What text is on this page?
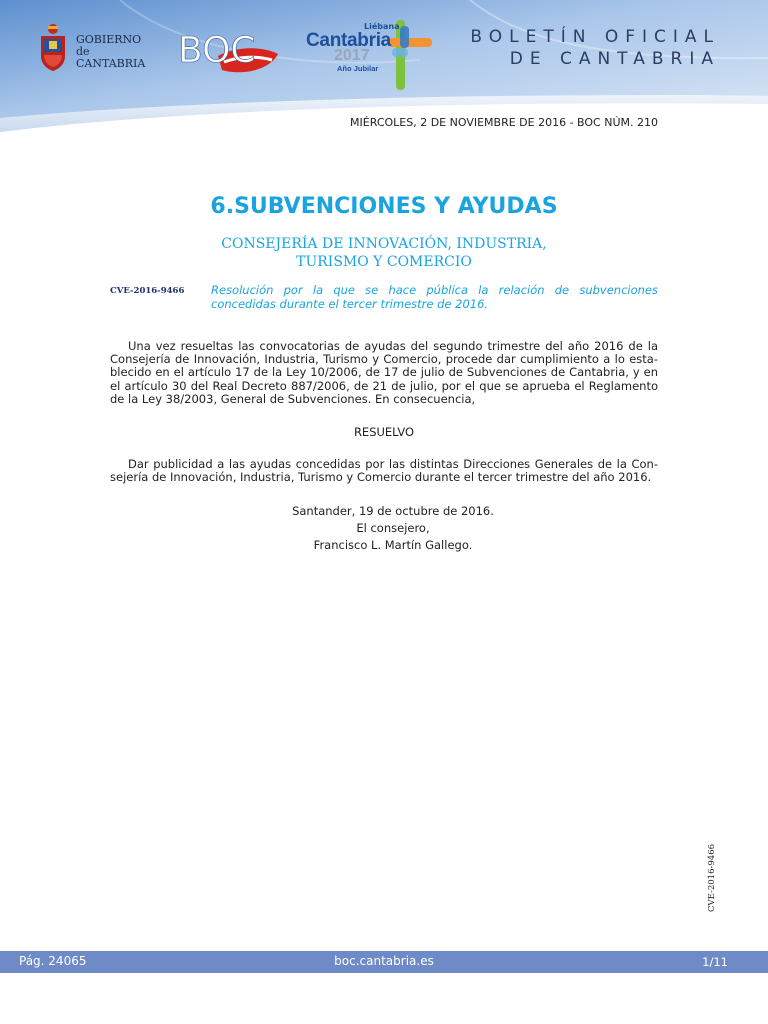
GOBIERNO
de
CANTABRIA BOC
Liébana
Cantabria
2017
Año Jubilar
BOLETÍN OFICIAL
DE CANTABRIA
MIÉRCOLES, 2 DE NOVIEMBRE DE 2016 - BOC NÚM. 210
6.SUBVENCIONES Y AYUDAS
CONSEJERÍA DE INNOVACIÓN, INDUSTRIA,
TURISMO Y COMERCIO
CVE-2016-9466 Resolución por la que se hace pública la relación de subvenciones concedidas durante el tercer trimestre de 2016.
Una vez resueltas las convocatorias de ayudas del segundo trimestre del año 2016 de la
Consejería de Innovación, Industria, Turismo y Comercio, procede dar cumplimiento a lo esta-
blecido en el artículo 17 de la Ley 10/2006, de 17 de julio de Subvenciones de Cantabria, y en
el artículo 30 del Real Decreto 887/2006, de 21 de julio, por el que se aprueba el Reglamento
de la Ley 38/2003, General de Subvenciones. En consecuencia,
RESUELVO
Dar publicidad a las ayudas concedidas por las distintas Direcciones Generales de la Con-
sejería de Innovación, Industria, Turismo y Comercio durante el tercer trimestre del año 2016.
Santander, 19 de octubre de 2016.
El consejero,
Francisco L. Martín Gallego.
CVE-2016-9466
Pág. 24065	boc.cantabria.es	1/11
